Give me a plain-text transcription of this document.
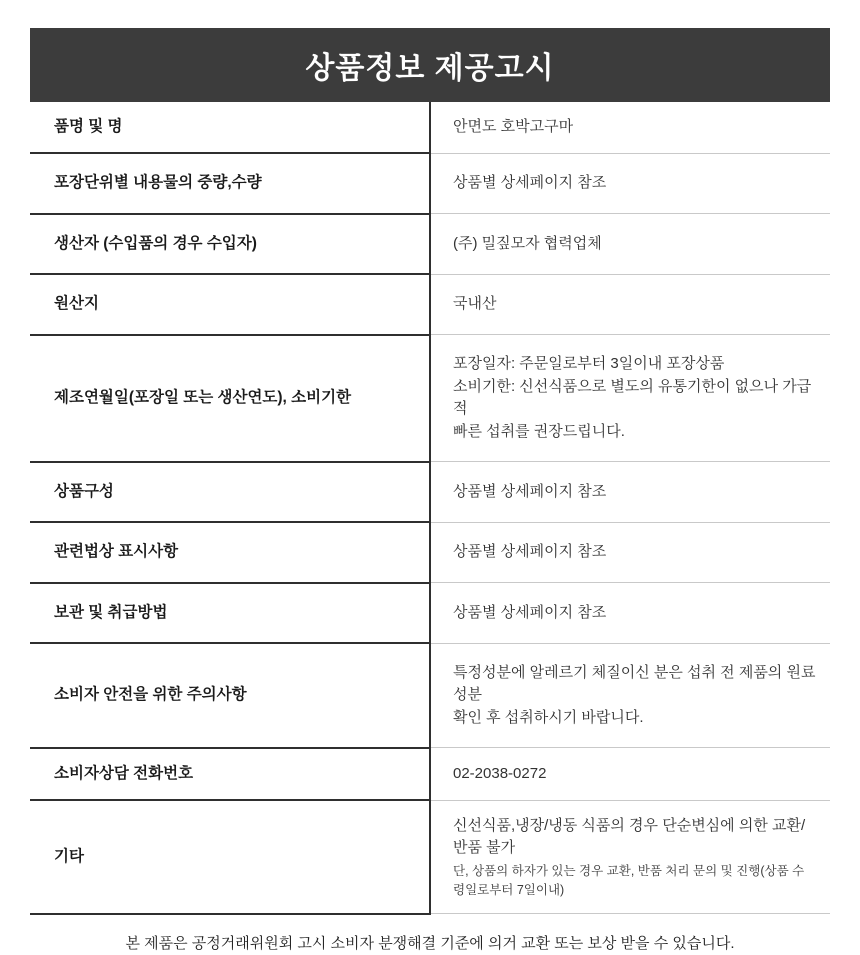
상품정보 제공고시	
품명 및 명	안면도 호박고구마

포장단위별 내용물의 중량,수량	상품별 상세페이지 참조

생산자 (수입품의 경우 수입자)	(주) 밀짚모자 협력업체

원산지	국내산

제조연월일(포장일 또는 생산연도), 소비기한	포장일자: 주문일로부터 3일이내 포장상품
소비기한: 신선식품으로 별도의 유통기한이 없으나 가급적
빠른 섭취를 권장드립니다.

상품구성	상품별 상세페이지 참조

관련법상 표시사항	상품별 상세페이지 참조

보관 및 취급방법	상품별 상세페이지 참조

소비자 안전을 위한 주의사항	특정성분에 알레르기 체질이신 분은 섭취 전 제품의 원료 성분
확인 후 섭취하시기 바랍니다.

소비자상담 전화번호	02-2038-0272

기타	신선식품,냉장/냉동 식품의 경우 단순변심에 의한 교환/반품 불가
단, 상품의 하자가 있는 경우 교환, 반품 처리 문의 및 진행(상품 수령일로부터 7일이내)
본 제품은 공정거래위원회 고시 소비자 분쟁해결 기준에 의거 교환 또는 보상 받을 수 있습니다.
